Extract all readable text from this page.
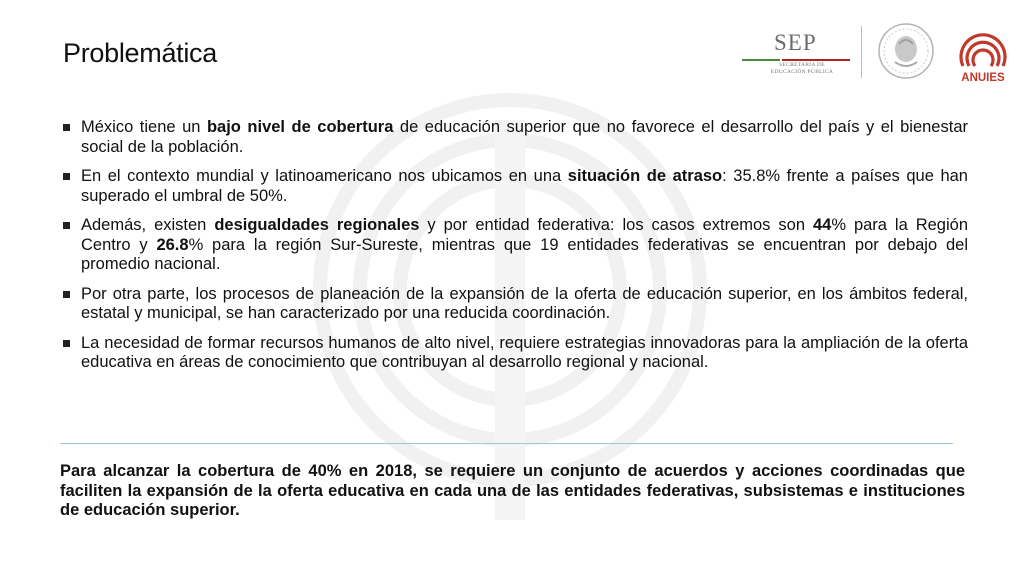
Problemática	SEP
SECRETARÍA DE
EDUCACIÓN PÚBLICA	ANUIES
México tiene un bajo nivel de cobertura de educación superior que no favorece el desarrollo del país y el bienestar social de la población.
En el contexto mundial y latinoamericano nos ubicamos en una situación de atraso: 35.8% frente a países que han superado el umbral de 50%.
Además, existen desigualdades regionales y por entidad federativa: los casos extremos son 44% para la Región Centro y 26.8% para la región Sur-Sureste, mientras que 19 entidades federativas se encuentran por debajo del promedio nacional.
Por otra parte, los procesos de planeación de la expansión de la oferta de educación superior, en los ámbitos federal, estatal y municipal, se han caracterizado por una reducida coordinación.
La necesidad de formar recursos humanos de alto nivel, requiere estrategias innovadoras para la ampliación de la oferta educativa en áreas de conocimiento que contribuyan al desarrollo regional y nacional.
Para alcanzar la cobertura de 40% en 2018, se requiere un conjunto de acuerdos y acciones coordinadas que faciliten la expansión de la oferta educativa en cada una de las entidades federativas, subsistemas e instituciones de educación superior.
